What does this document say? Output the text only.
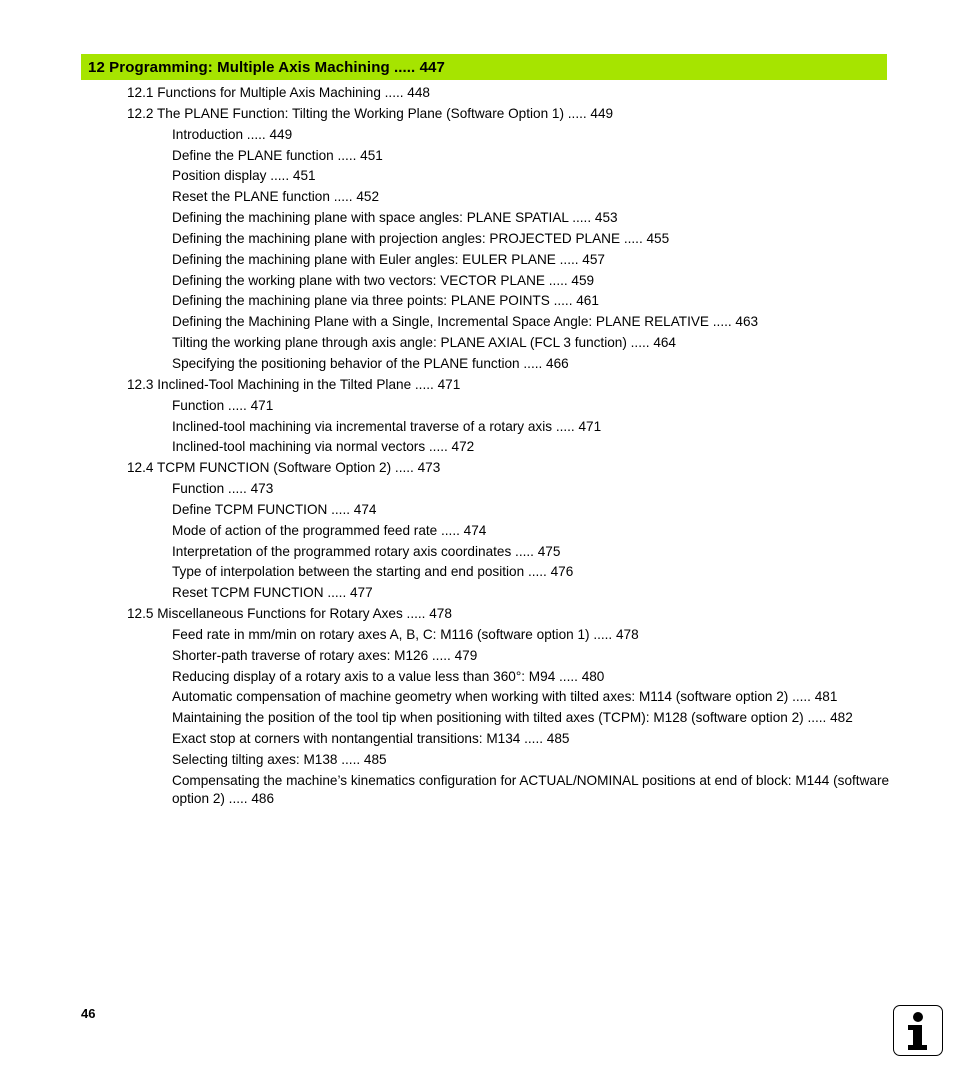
12 Programming: Multiple Axis Machining ..... 447
12.1 Functions for Multiple Axis Machining ..... 448
12.2 The PLANE Function: Tilting the Working Plane (Software Option 1) ..... 449
Introduction ..... 449
Define the PLANE function ..... 451
Position display ..... 451
Reset the PLANE function ..... 452
Defining the machining plane with space angles: PLANE SPATIAL ..... 453
Defining the machining plane with projection angles: PROJECTED PLANE ..... 455
Defining the machining plane with Euler angles: EULER PLANE ..... 457
Defining the working plane with two vectors: VECTOR PLANE ..... 459
Defining the machining plane via three points: PLANE POINTS ..... 461
Defining the Machining Plane with a Single, Incremental Space Angle: PLANE RELATIVE ..... 463
Tilting the working plane through axis angle: PLANE AXIAL (FCL 3 function) ..... 464
Specifying the positioning behavior of the PLANE function ..... 466
12.3 Inclined-Tool Machining in the Tilted Plane ..... 471
Function ..... 471
Inclined-tool machining via incremental traverse of a rotary axis ..... 471
Inclined-tool machining via normal vectors ..... 472
12.4 TCPM FUNCTION (Software Option 2) ..... 473
Function ..... 473
Define TCPM FUNCTION ..... 474
Mode of action of the programmed feed rate ..... 474
Interpretation of the programmed rotary axis coordinates ..... 475
Type of interpolation between the starting and end position ..... 476
Reset TCPM FUNCTION ..... 477
12.5 Miscellaneous Functions for Rotary Axes ..... 478
Feed rate in mm/min on rotary axes A, B, C: M116 (software option 1) ..... 478
Shorter-path traverse of rotary axes: M126 ..... 479
Reducing display of a rotary axis to a value less than 360°: M94 ..... 480
Automatic compensation of machine geometry when working with tilted axes: M114 (software option 2) ..... 481
Maintaining the position of the tool tip when positioning with tilted axes (TCPM): M128 (software option 2) ..... 482
Exact stop at corners with nontangential transitions: M134 ..... 485
Selecting tilting axes: M138 ..... 485
Compensating the machine’s kinematics configuration for ACTUAL/NOMINAL positions at end of block: M144 (software option 2) ..... 486
46
